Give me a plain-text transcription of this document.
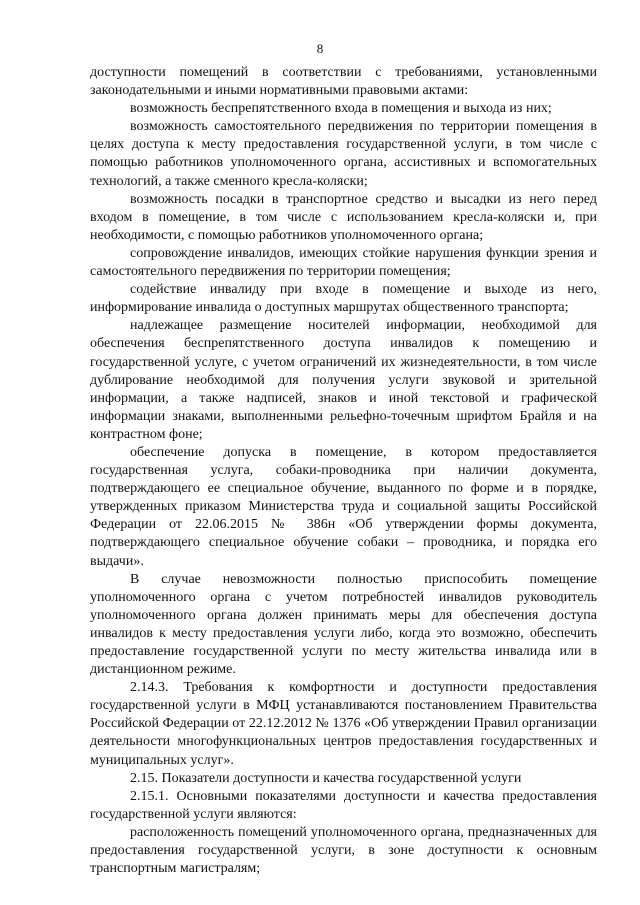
8

доступности помещений в соответствии с требованиями, установленными законодательными и иными нормативными правовыми актами:

возможность беспрепятственного входа в помещения и выхода из них;

возможность самостоятельного передвижения по территории помещения в целях доступа к месту предоставления государственной услуги, в том числе с помощью работников уполномоченного органа, ассистивных и вспомогательных технологий, а также сменного кресла-коляски;

возможность посадки в транспортное средство и высадки из него перед входом в помещение, в том числе с использованием кресла-коляски и, при необходимости, с помощью работников уполномоченного органа;

сопровождение инвалидов, имеющих стойкие нарушения функции зрения и самостоятельного передвижения по территории помещения;

содействие инвалиду при входе в помещение и выходе из него, информирование инвалида о доступных маршрутах общественного транспорта;

надлежащее размещение носителей информации, необходимой для обеспечения беспрепятственного доступа инвалидов к помещению и государственной услуге, с учетом ограничений их жизнедеятельности, в том числе дублирование необходимой для получения услуги звуковой и зрительной информации, а также надписей, знаков и иной текстовой и графической информации знаками, выполненными рельефно-точечным шрифтом Брайля и на контрастном фоне;

обеспечение допуска в помещение, в котором предоставляется государственная услуга, собаки-проводника при наличии документа, подтверждающего ее специальное обучение, выданного по форме и в порядке, утвержденных приказом Министерства труда и социальной защиты Российской Федерации от 22.06.2015 № 386н «Об утверждении формы документа, подтверждающего специальное обучение собаки – проводника, и порядка его выдачи».

В случае невозможности полностью приспособить помещение уполномоченного органа с учетом потребностей инвалидов руководитель уполномоченного органа должен принимать меры для обеспечения доступа инвалидов к месту предоставления услуги либо, когда это возможно, обеспечить предоставление государственной услуги по месту жительства инвалида или в дистанционном режиме.

2.14.3. Требования к комфортности и доступности предоставления государственной услуги в МФЦ устанавливаются постановлением Правительства Российской Федерации от 22.12.2012 № 1376 «Об утверждении Правил организации деятельности многофункциональных центров предоставления государственных и муниципальных услуг».

2.15. Показатели доступности и качества государственной услуги

2.15.1. Основными показателями доступности и качества предоставления государственной услуги являются:

расположенность помещений уполномоченного органа, предназначенных для предоставления государственной услуги, в зоне доступности к основным транспортным магистралям;
